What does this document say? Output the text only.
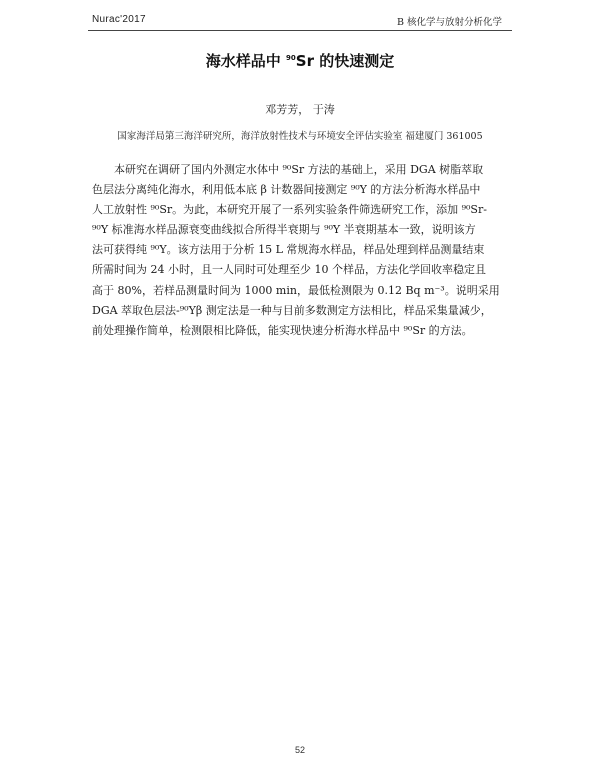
Nurac'2017	B 核化学与放射分析化学
海水样品中 $^{90}$Sr 的快速测定
邓芳芳， 于涛
国家海洋局第三海洋研究所，海洋放射性技术与环境安全评估实验室 福建厦门 361005
本研究在调研了国内外测定水体中 ⁹⁰Sr 方法的基础上，采用 DGA 树脂萃取
色层法分离纯化海水，利用低本底 β 计数器间接测定 ⁹⁰Y 的方法分析海水样品中
人工放射性 ⁹⁰Sr。为此，本研究开展了一系列实验条件筛选研究工作，添加 ⁹⁰Sr-
⁹⁰Y 标准海水样品源衰变曲线拟合所得半衰期与 ⁹⁰Y 半衰期基本一致，说明该方
法可获得纯 ⁹⁰Y。该方法用于分析 15 L 常规海水样品，样品处理到样品测量结束
所需时间为 24 小时，且一人同时可处理至少 10 个样品，方法化学回收率稳定且
高于 80%，若样品测量时间为 1000 min，最低检测限为 0.12 Bq m⁻³。说明采用
DGA 萃取色层法-⁹⁰Yβ 测定法是一种与目前多数测定方法相比，样品采集量减少，
前处理操作简单，检测限相比降低，能实现快速分析海水样品中 ⁹⁰Sr 的方法。
52
